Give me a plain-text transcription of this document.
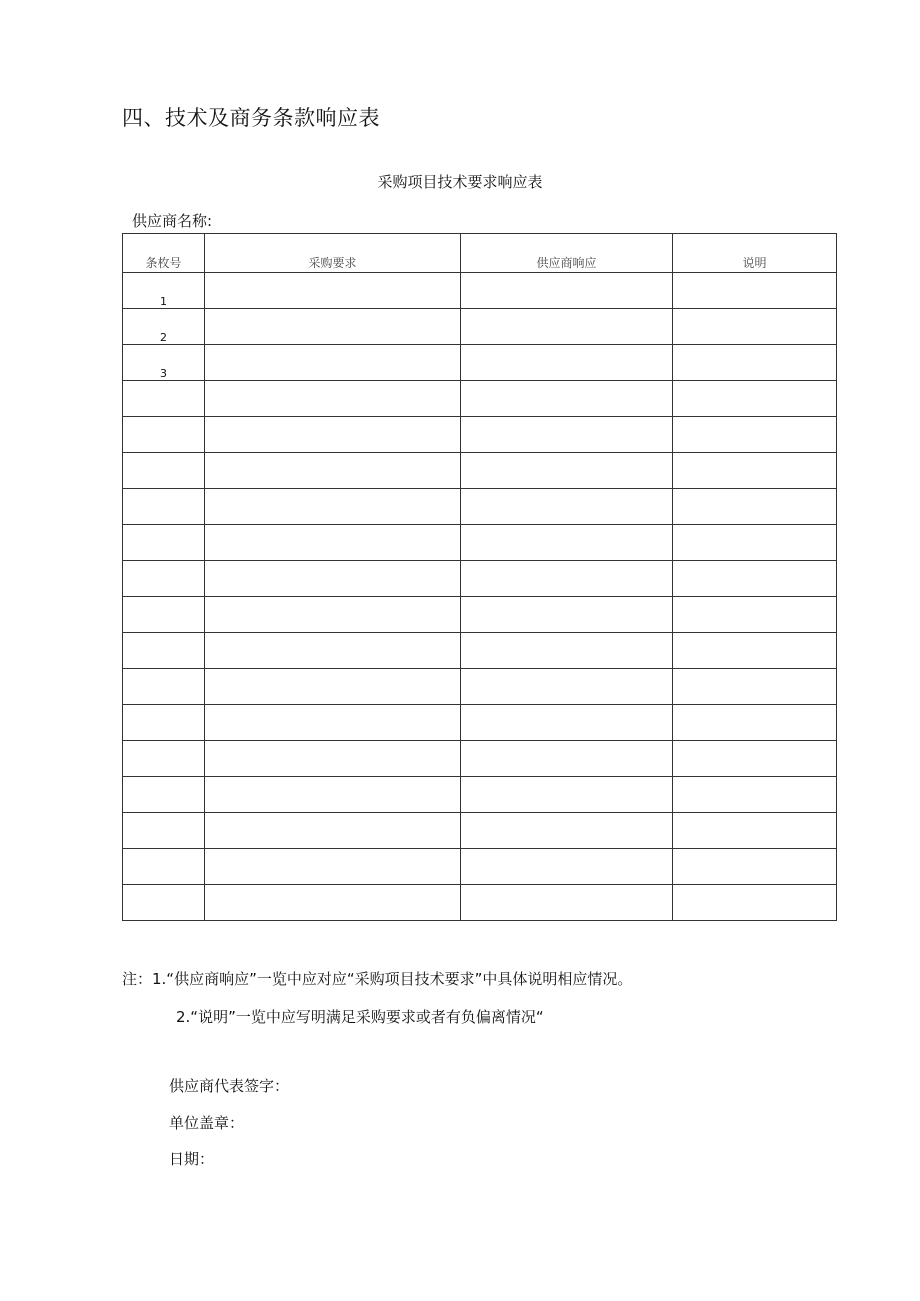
四、技术及商务条款响应表
采购项目技术要求响应表
供应商名称:
条枚号	采购要求	供应商响应	说明
1			
2			
3			

注：1.“供应商响应”一览中应对应“采购项目技术要求”中具体说明相应情况。
2.“说明”一览中应写明满足采购要求或者有负偏离情况“
供应商代表签字：
单位盖章：
日期：
